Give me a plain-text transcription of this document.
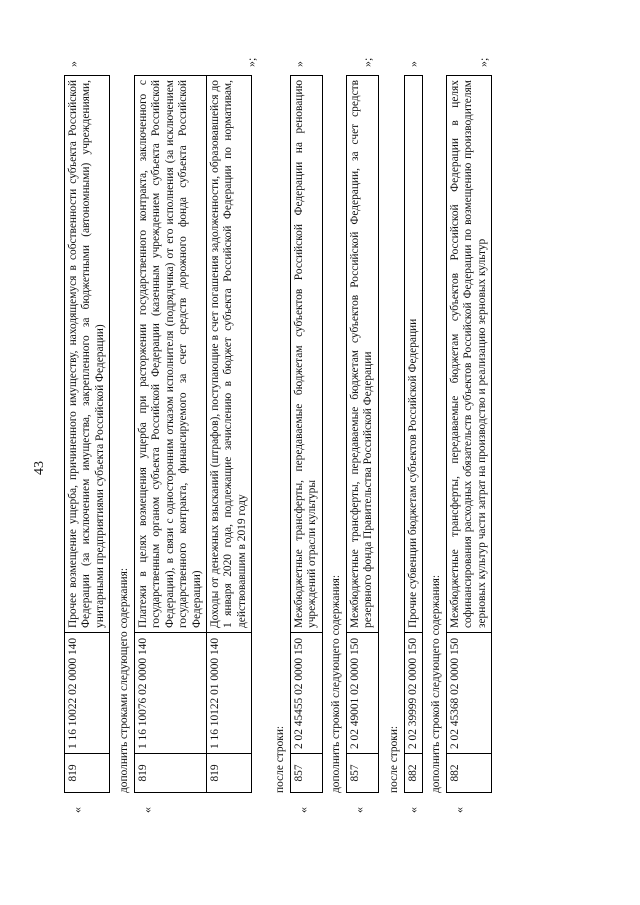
43
«
819	1 16 10022 02 0000 140	Прочее возмещение ущерба, причиненного имуществу, находящемуся в собственности субъекта Российской Федерации (за исключением имущества, закрепленного за бюджетными (автономными) учреждениями, унитарными предприятиями субъекта Российской Федерации)
»
дополнить строками следующего содержания:
«
819	1 16 10076 02 0000 140	Платежи в целях возмещения ущерба при расторжении государственного контракта, заключенного с государственным органом субъекта Российской Федерации (казенным учреждением субъекта Российской Федерации), в связи с односторонним отказом исполнителя (подрядчика) от его исполнения (за исключением государственного контракта, финансируемого за счет средств дорожного фонда субъекта Российской Федерации)
819	1 16 10122 01 0000 140	Доходы от денежных взысканий (штрафов), поступающие в счет погашения задолженности, образовавшейся до 1 января 2020 года, подлежащие зачислению в бюджет субъекта Российской Федерации по нормативам, действовавшим в 2019 году
»;
после строки:
«
857	2 02 45455 02 0000 150	Межбюджетные трансферты, передаваемые бюджетам субъектов Российской Федерации на реновацию учреждений отрасли культуры
»
дополнить строкой следующего содержания:
«
857	2 02 49001 02 0000 150	Межбюджетные трансферты, передаваемые бюджетам субъектов Российской Федерации, за счет средств резервного фонда Правительства Российской Федерации
»;
после строки:
«
882	2 02 39999 02 0000 150	Прочие субвенции бюджетам субъектов Российской Федерации
»
дополнить строкой следующего содержания:
«
882	2 02 45368 02 0000 150	Межбюджетные трансферты, передаваемые бюджетам субъектов Российской Федерации в целях софинансирования расходных обязательств субъектов Российской Федерации по возмещению производителям зерновых культур части затрат на производство и реализацию зерновых культур
»;
